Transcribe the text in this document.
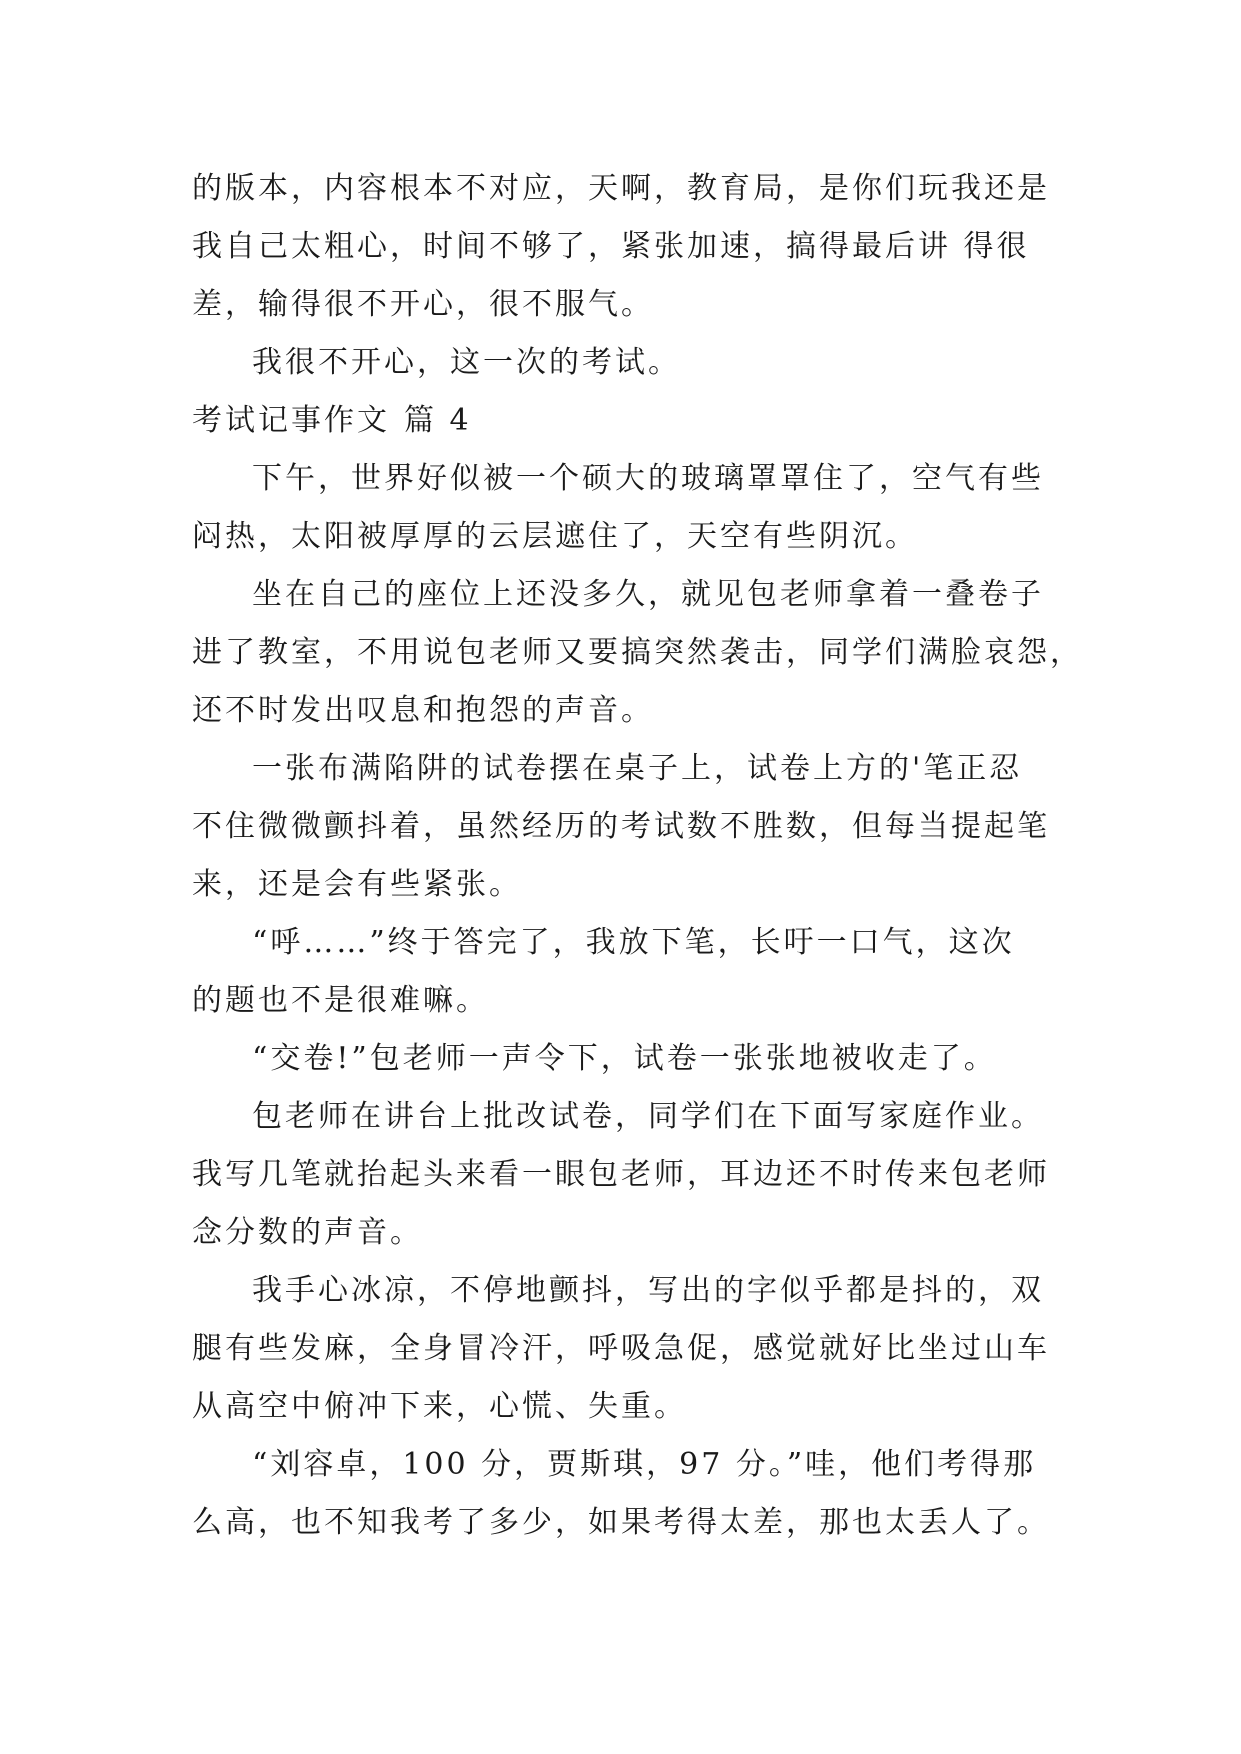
的版本，内容根本不对应，天啊，教育局，是你们玩我还是
我自己太粗心，时间不够了，紧张加速，搞得最后讲 得很
差，输得很不开心，很不服气。
我很不开心，这一次的考试。
考试记事作文 篇 4
下午，世界好似被一个硕大的玻璃罩罩住了，空气有些
闷热，太阳被厚厚的云层遮住了，天空有些阴沉。
坐在自己的座位上还没多久，就见包老师拿着一叠卷子
进了教室，不用说包老师又要搞突然袭击，同学们满脸哀怨，
还不时发出叹息和抱怨的声音。
一张布满陷阱的试卷摆在桌子上，试卷上方的'笔正忍
不住微微颤抖着，虽然经历的考试数不胜数，但每当提起笔
来，还是会有些紧张。
“呼……”终于答完了，我放下笔，长吁一口气，这次
的题也不是很难嘛。
“交卷!”包老师一声令下，试卷一张张地被收走了。
包老师在讲台上批改试卷，同学们在下面写家庭作业。
我写几笔就抬起头来看一眼包老师，耳边还不时传来包老师
念分数的声音。
我手心冰凉，不停地颤抖，写出的字似乎都是抖的，双
腿有些发麻，全身冒冷汗，呼吸急促，感觉就好比坐过山车
从高空中俯冲下来，心慌、失重。
“刘容卓，100 分，贾斯琪，97 分。”哇，他们考得那
么高，也不知我考了多少，如果考得太差，那也太丢人了。
